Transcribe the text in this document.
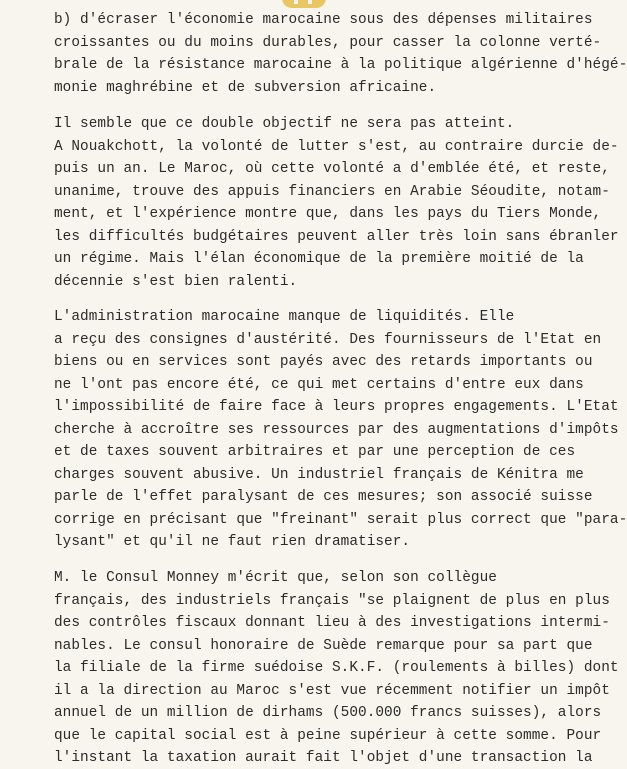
b) d'écraser l'économie marocaine sous des dépenses militaires
croissantes ou du moins durables, pour casser la colonne verté-
brale de la résistance marocaine à la politique algérienne d'hégé-
monie maghrébine et de subversion africaine.
Il semble que ce double objectif ne sera pas atteint.
A Nouakchott, la volonté de lutter s'est, au contraire durcie de-
puis un an. Le Maroc, où cette volonté a d'emblée été, et reste,
unanime, trouve des appuis financiers en Arabie Séoudite, notam-
ment, et l'expérience montre que, dans les pays du Tiers Monde,
les difficultés budgétaires peuvent aller très loin sans ébranler
un régime. Mais l'élan économique de la première moitié de la
décennie s'est bien ralenti.
L'administration marocaine manque de liquidités. Elle
a reçu des consignes d'austérité. Des fournisseurs de l'Etat en
biens ou en services sont payés avec des retards importants ou
ne l'ont pas encore été, ce qui met certains d'entre eux dans
l'impossibilité de faire face à leurs propres engagements. L'Etat
cherche à accroître ses ressources par des augmentations d'impôts
et de taxes souvent arbitraires et par une perception de ces
charges souvent abusive. Un industriel français de Kénitra me
parle de l'effet paralysant de ces mesures; son associé suisse
corrige en précisant que "freinant" serait plus correct que "para-
lysant" et qu'il ne faut rien dramatiser.
M. le Consul Monney m'écrit que, selon son collègue
français, des industriels français "se plaignent de plus en plus
des contrôles fiscaux donnant lieu à des investigations intermi-
nables. Le consul honoraire de Suède remarque pour sa part que
la filiale de la firme suédoise S.K.F. (roulements à billes) dont
il a la direction au Maroc s'est vue récemment notifier un impôt
annuel de un million de dirhams (500.000 francs suisses), alors
que le capital social est à peine supérieur à cette somme. Pour
l'instant la taxation aurait fait l'objet d'une transaction la
